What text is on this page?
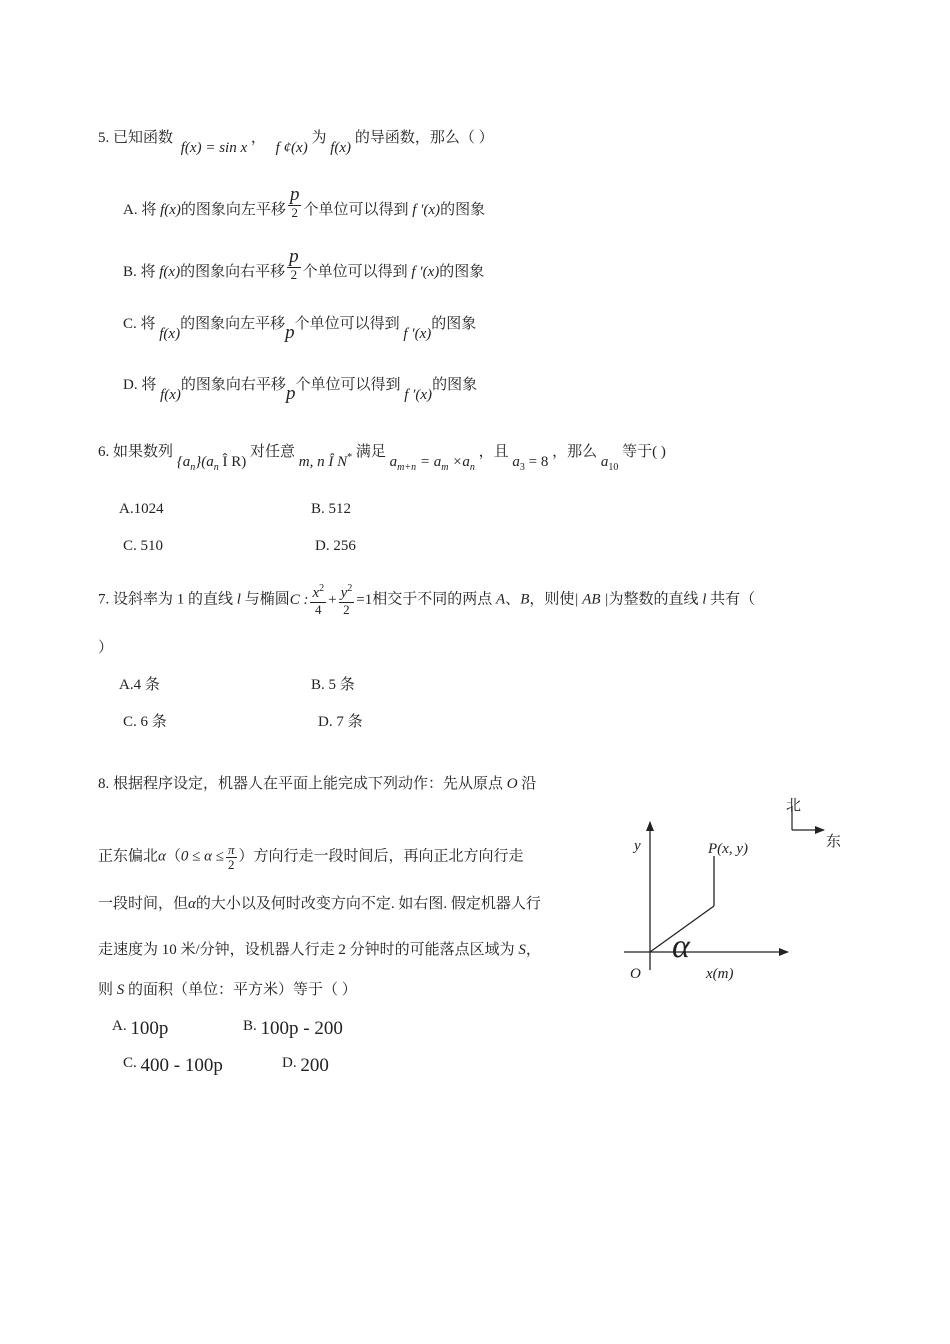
5. 已知函数 f(x) = sin x ， f ¢(x) 为 f(x) 的导函数，那么（ ）
A. 将 f(x)的图象向左平移 $\frac{p}{2}$ 个单位可以得到 f ′(x)的图象
B. 将 f(x)的图象向右平移 $\frac{p}{2}$ 个单位可以得到 f ′(x)的图象
C. 将 f(x)的图象向左平移p个单位可以得到 f ′(x)的图象
D. 将 f(x)的图象向右平移p个单位可以得到 f ′(x)的图象
6. 如果数列 $\{a_n\}(a_n$ Î R) 对任意 m, n Î N* 满足 $a_{m+n} = a_m \times a_n$ ，且 $a_3 = 8$ ，那么 $a_{10}$ 等于( )
A.1024	B. 512
C. 510	D. 256
7. 设斜率为 1 的直线 l 与椭圆C : $\frac{x^2}{4} + \frac{y^2}{2} =1$相交于不同的两点 A、B，则使| AB |为整数的直线 l 共有（
）
A.4 条	B. 5 条
C. 6 条	D. 7 条
8. 根据程序设定，机器人在平面上能完成下列动作：先从原点 O 沿
正东偏北$\alpha(0 \le \alpha \le \frac{\pi}{2}$ ）方向行走一段时间后，再向正北方向行走
一段时间，但α的大小以及何时改变方向不定. 如右图. 假定机器人行
走速度为 10 米/分钟，设机器人行走 2 分钟时的可能落点区域为 S，
则 S 的面积（单位：平方米）等于（ ）
A. 100p	B. 100p - 200
C. 400 - 100p	D. 200
y	P(x, y)
北
东
O	x(m)
α
